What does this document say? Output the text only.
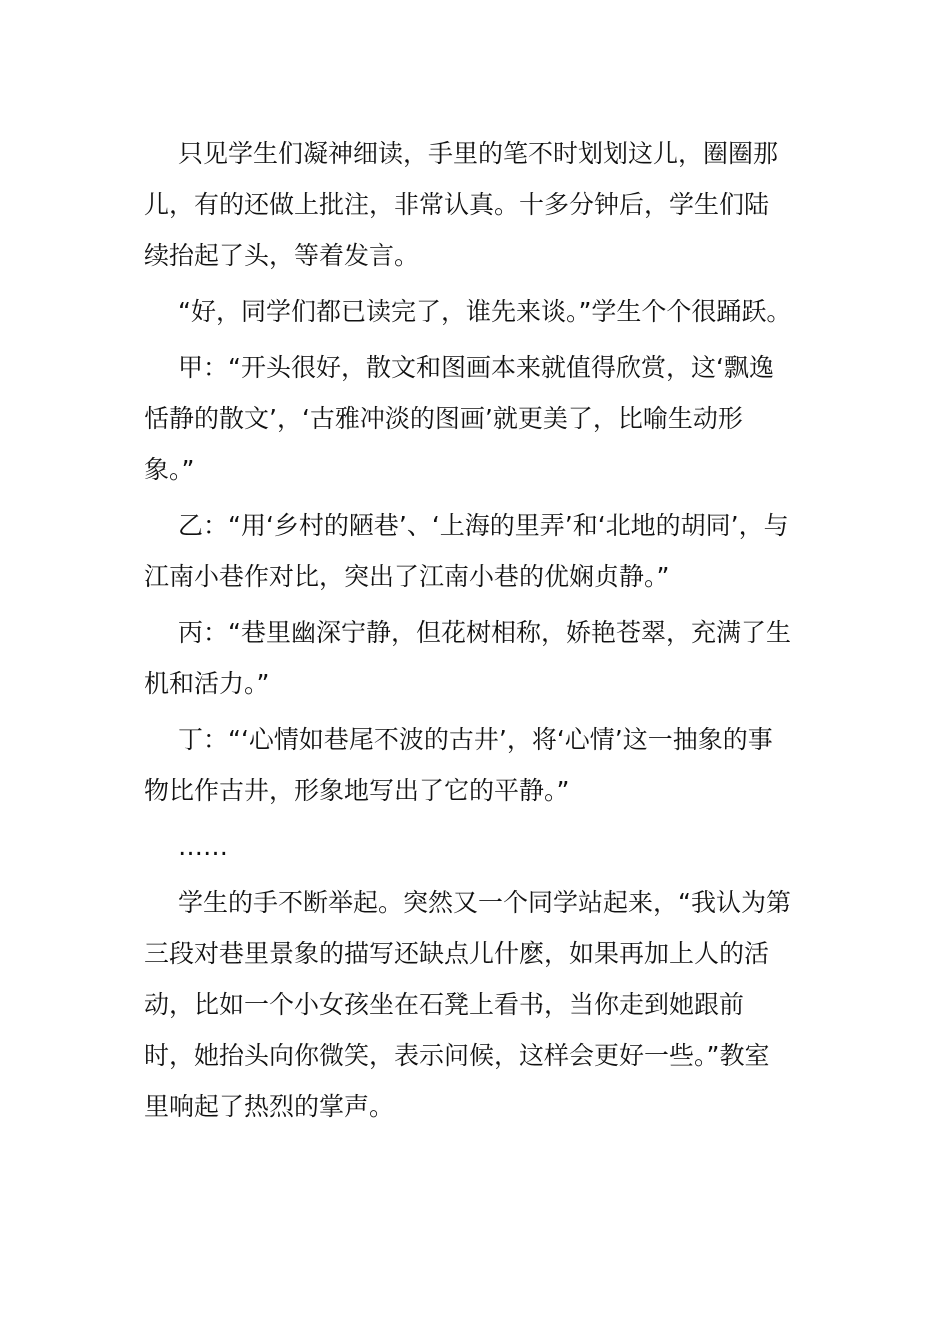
只见学生们凝神细读，手里的笔不时划划这儿，圈圈那儿，有的还做上批注，非常认真。十多分钟后，学生们陆续抬起了头，等着发言。

“好，同学们都已读完了，谁先来谈。”学生个个很踊跃。

甲：“开头很好，散文和图画本来就值得欣赏，这‘飘逸恬静的散文’，‘古雅冲淡的图画’就更美了，比喻生动形象。”

乙：“用‘乡村的陋巷’、‘上海的里弄’和‘北地的胡同’，与江南小巷作对比，突出了江南小巷的优娴贞静。”

丙：“巷里幽深宁静，但花树相称，娇艳苍翠，充满了生机和活力。”

丁：“‘心情如巷尾不波的古井’，将‘心情’这一抽象的事物比作古井，形象地写出了它的平静。”

……

学生的手不断举起。突然又一个同学站起来，“我认为第三段对巷里景象的描写还缺点儿什麽，如果再加上人的活动，比如一个小女孩坐在石凳上看书，当你走到她跟前时，她抬头向你微笑，表示问候，这样会更好一些。”教室里响起了热烈的掌声。
